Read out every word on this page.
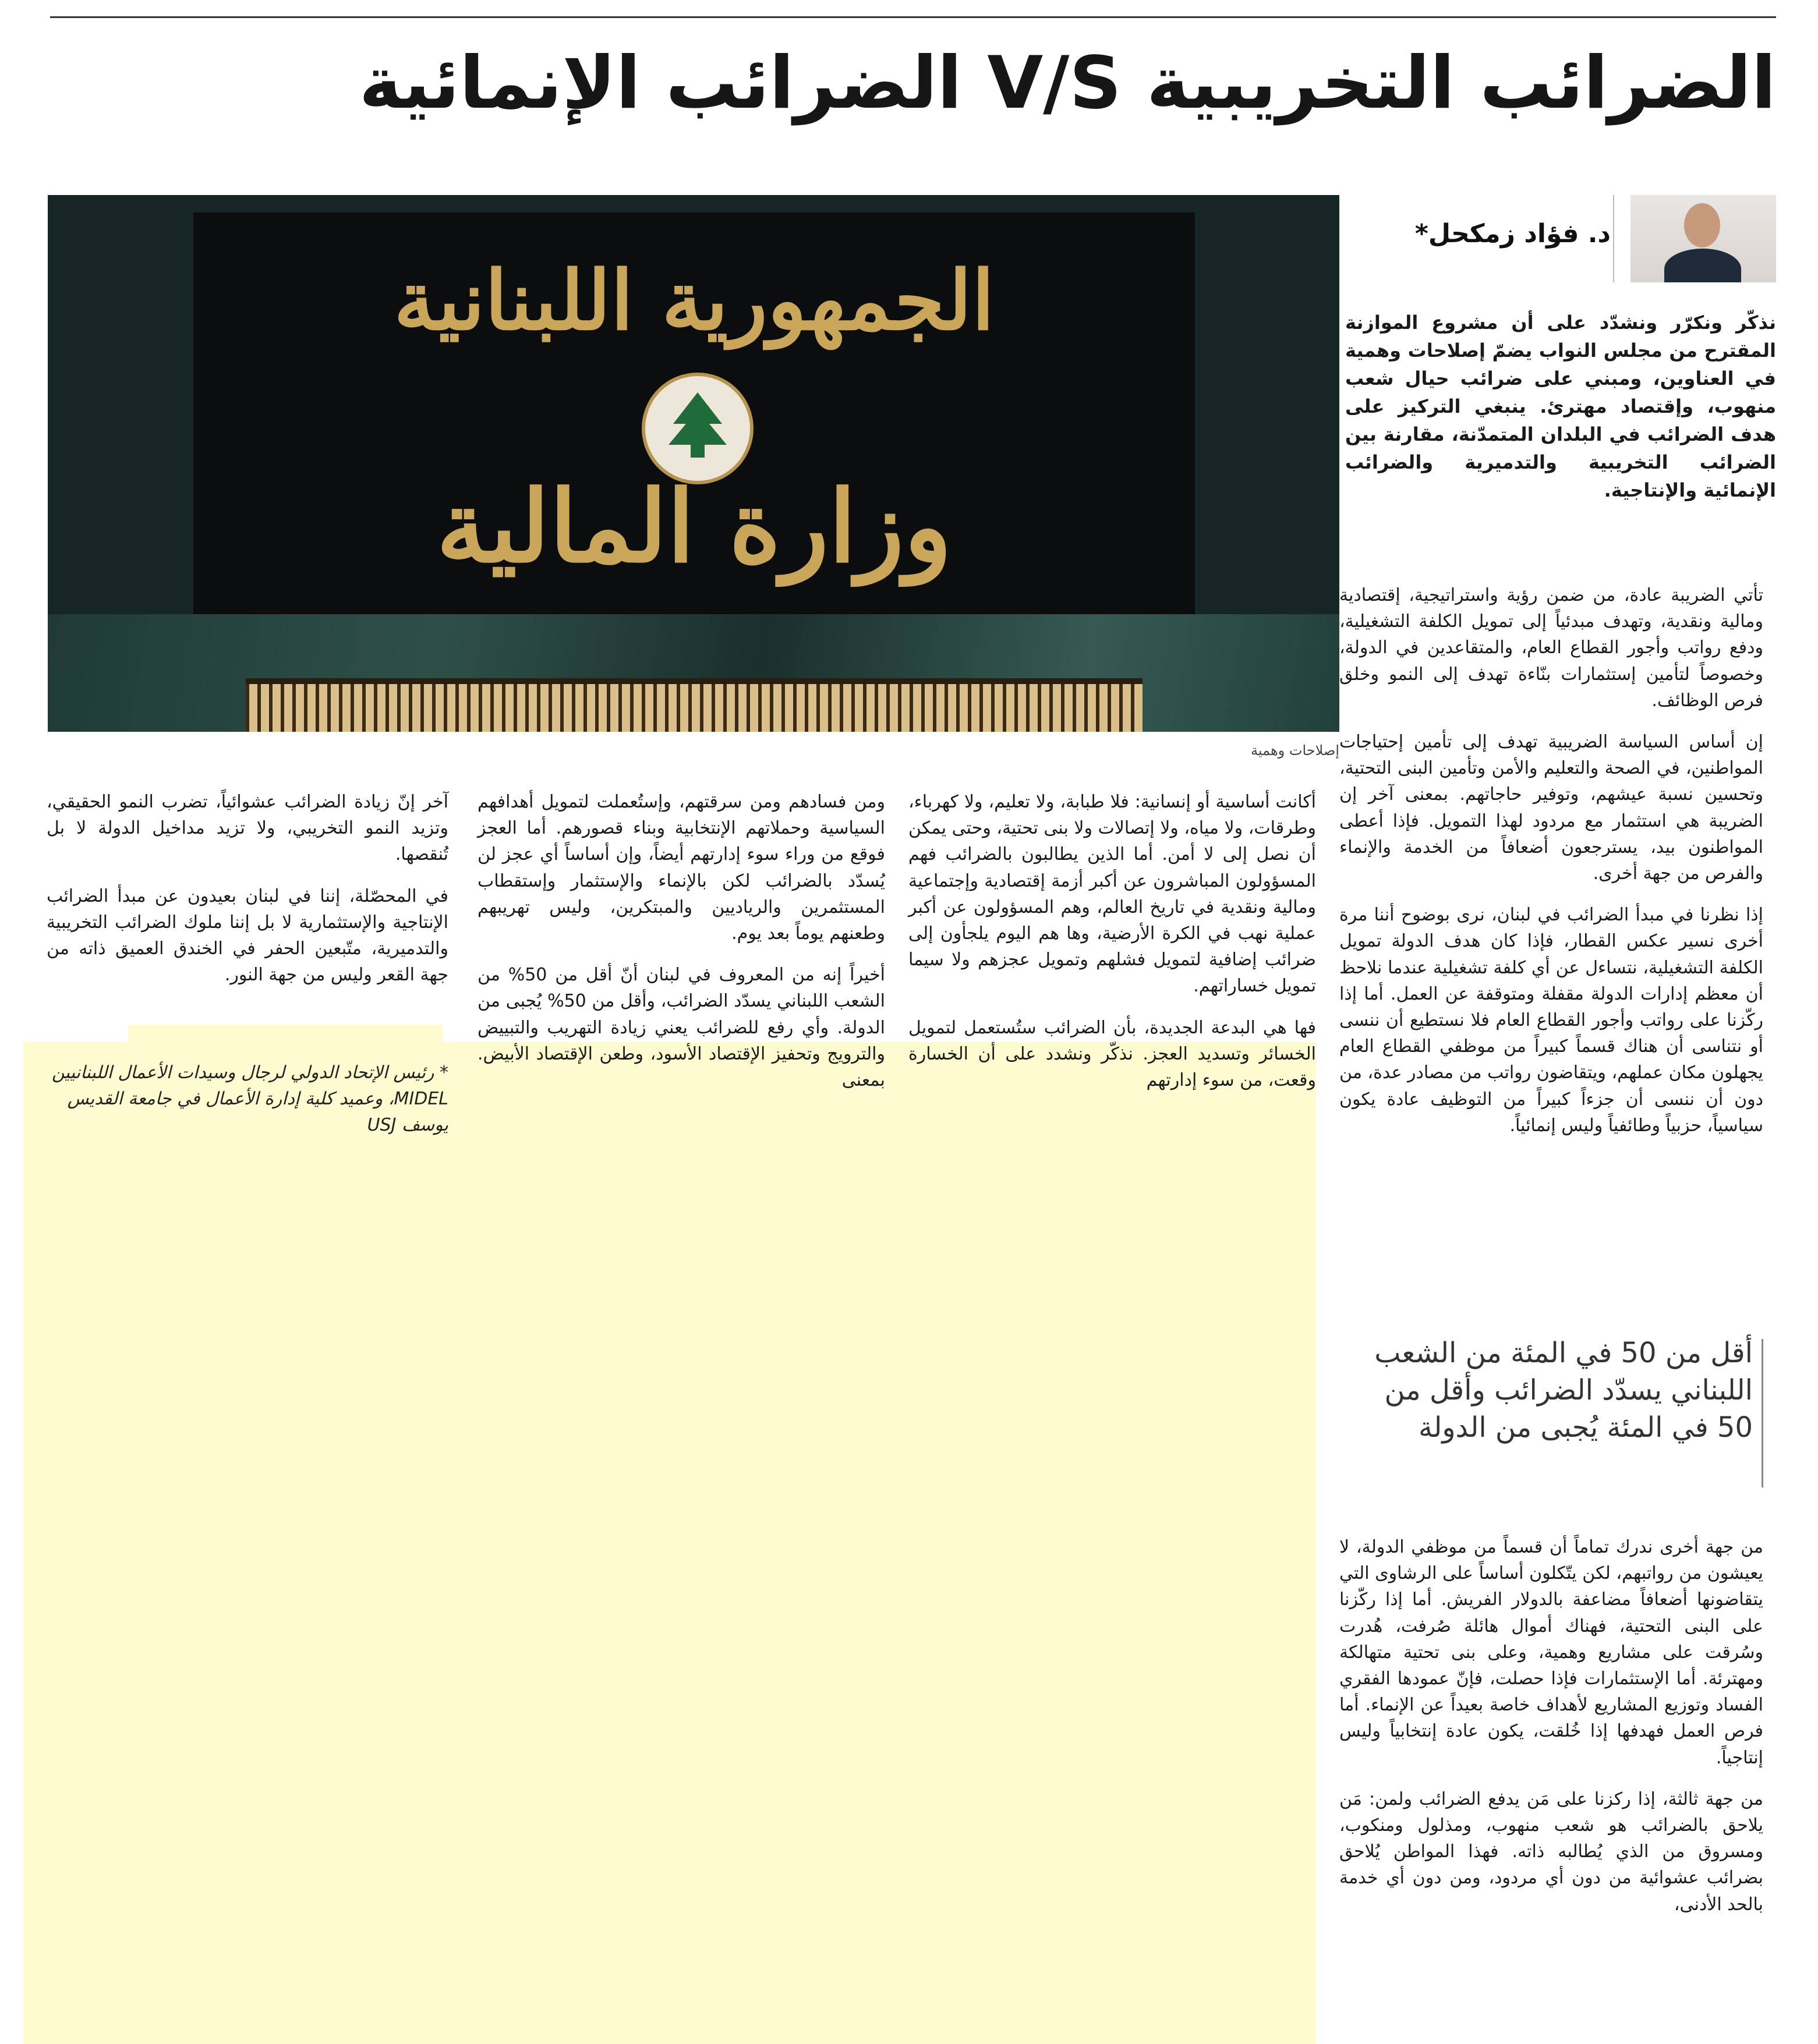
الضرائب التخريبية V/S الضرائب الإنمائية
الجمهورية اللبنانية
وزارة المالية
إصلاحات وهمية
د. فؤاد زمكحل*
نذكّر ونكرّر ونشدّد على أن مشروع الموازنة المقترح من مجلس النواب يضمّ إصلاحات وهمية في العناوين، ومبني على ضرائب حيال شعب منهوب، وإقتصاد مهترئ. ينبغي التركيز على هدف الضرائب في البلدان المتمدّنة، مقارنة بين الضرائب التخريبية والتدميرية والضرائب الإنمائية والإنتاجية.

تأتي الضريبة عادة، من ضمن رؤية واستراتيجية، إقتصادية ومالية ونقدية، وتهدف مبدئياً إلى تمويل الكلفة التشغيلية، ودفع رواتب وأجور القطاع العام، والمتقاعدين في الدولة، وخصوصاً لتأمين إستثمارات بنّاءة تهدف إلى النمو وخلق فرص الوظائف.

إن أساس السياسة الضريبية تهدف إلى تأمين إحتياجات المواطنين، في الصحة والتعليم والأمن وتأمين البنى التحتية، وتحسين نسبة عيشهم، وتوفير حاجاتهم. بمعنى آخر إن الضريبة هي استثمار مع مردود لهذا التمويل. فإذا أعطى المواطنون بيد، يسترجعون أضعافاً من الخدمة والإنماء والفرص من جهة أخرى.

إذا نظرنا في مبدأ الضرائب في لبنان، نرى بوضوح أننا مرة أخرى نسير عكس القطار، فإذا كان هدف الدولة تمويل الكلفة التشغيلية، نتساءل عن أي كلفة تشغيلية عندما نلاحظ أن معظم إدارات الدولة مقفلة ومتوقفة عن العمل. أما إذا ركّزنا على رواتب وأجور القطاع العام فلا نستطيع أن ننسى أو نتناسى أن هناك قسماً كبيراً من موظفي القطاع العام يجهلون مكان عملهم، ويتقاضون رواتب من مصادر عدة، من دون أن ننسى أن جزءاً كبيراً من التوظيف عادة يكون سياسياً، حزبياً وطائفياً وليس إنمائياً.

أقل من 50 في المئة من الشعب اللبناني يسدّد الضرائب وأقل من 50 في المئة يُجبى من الدولة

من جهة أخرى ندرك تماماً أن قسماً من موظفي الدولة، لا يعيشون من رواتبهم، لكن يتّكلون أساساً على الرشاوى التي يتقاضونها أضعافاً مضاعفة بالدولار الفريش. أما إذا ركّزنا على البنى التحتية، فهناك أموال هائلة صُرفت، هُدرت وسُرقت على مشاريع وهمية، وعلى بنى تحتية متهالكة ومهترئة. أما الإستثمارات فإذا حصلت، فإنّ عمودها الفقري الفساد وتوزيع المشاريع لأهداف خاصة بعيداً عن الإنماء. أما فرص العمل فهدفها إذا خُلقت، يكون عادة إنتخابياً وليس إنتاجياً.

من جهة ثالثة، إذا ركزنا على مَن يدفع الضرائب ولمن: مَن يلاحق بالضرائب هو شعب منهوب، ومذلول ومنكوب، ومسروق من الذي يُطالبه ذاته. فهذا المواطن يُلاحق بضرائب عشوائية من دون أي مردود، ومن دون أي خدمة بالحد الأدنى،

أكانت أساسية أو إنسانية: فلا طبابة، ولا تعليم، ولا كهرباء، وطرقات، ولا مياه، ولا إتصالات ولا بنى تحتية، وحتى يمكن أن نصل إلى لا أمن. أما الذين يطالبون بالضرائب فهم المسؤولون المباشرون عن أكبر أزمة إقتصادية وإجتماعية ومالية ونقدية في تاريخ العالم، وهم المسؤولون عن أكبر عملية نهب في الكرة الأرضية، وها هم اليوم يلجأون إلى ضرائب إضافية لتمويل فشلهم وتمويل عجزهم ولا سيما تمويل خساراتهم.

فها هي البدعة الجديدة، بأن الضرائب ستُستعمل لتمويل الخسائر وتسديد العجز. نذكّر ونشدد على أن الخسارة وقعت، من سوء إدارتهم

ومن فسادهم ومن سرقتهم، وإستُعملت لتمويل أهدافهم السياسية وحملاتهم الإنتخابية وبناء قصورهم. أما العجز فوقع من وراء سوء إدارتهم أيضاً، وإن أساساً أي عجز لن يُسدّد بالضرائب لكن بالإنماء والإستثمار وإستقطاب المستثمرين والرياديين والمبتكرين، وليس تهريبهم وطعنهم يوماً بعد يوم.

أخيراً إنه من المعروف في لبنان أنّ أقل من 50% من الشعب اللبناني يسدّد الضرائب، وأقل من 50% يُجبى من الدولة. وأي رفع للضرائب يعني زيادة التهريب والتبييض والترويج وتحفيز الإقتصاد الأسود، وطعن الإقتصاد الأبيض. بمعنى

آخر إنّ زيادة الضرائب عشوائياً، تضرب النمو الحقيقي، وتزيد النمو التخريبي، ولا تزيد مداخيل الدولة لا بل تُنقصها.

في المحصّلة، إننا في لبنان بعيدون عن مبدأ الضرائب الإنتاجية والإستثمارية لا بل إننا ملوك الضرائب التخريبية والتدميرية، متّبعين الحفر في الخندق العميق ذاته من جهة القعر وليس من جهة النور.

* رئيس الإتحاد الدولي لرجال وسيدات الأعمال اللبنانيين MIDEL، وعميد كلية إدارة الأعمال في جامعة القديس يوسف USJ
